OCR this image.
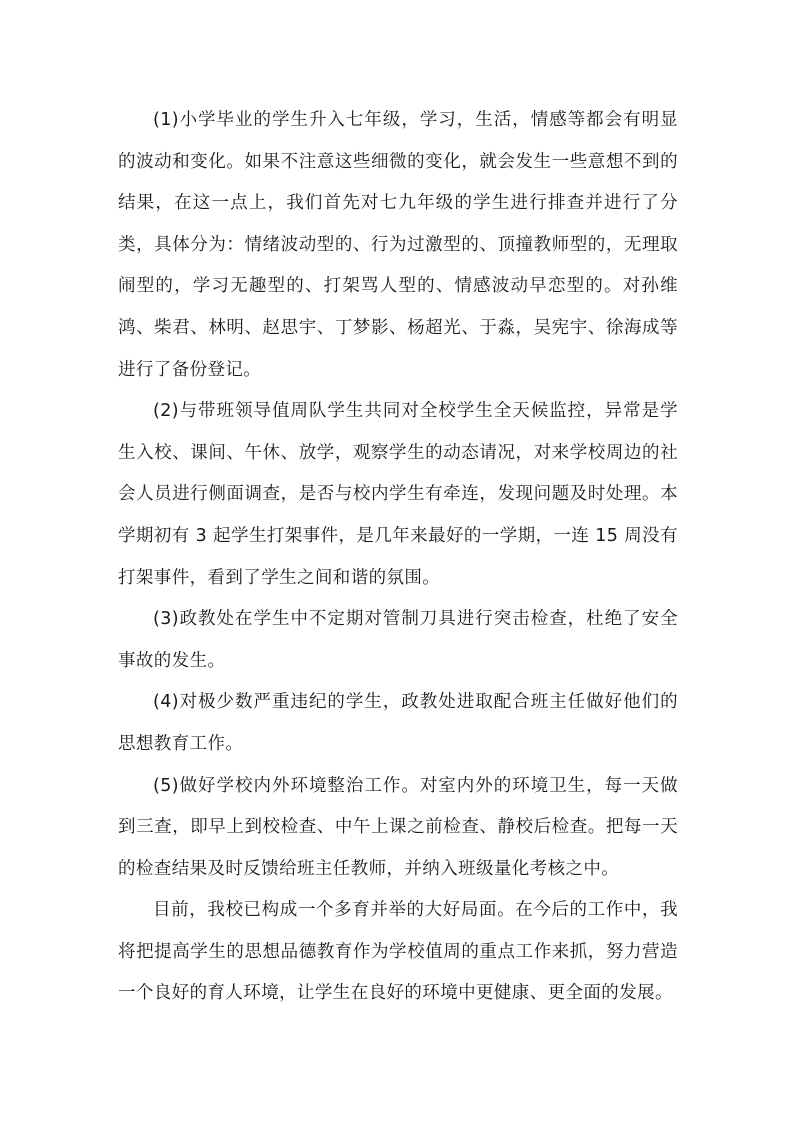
(1)小学毕业的学生升入七年级，学习，生活，情感等都会有明显的波动和变化。如果不注意这些细微的变化，就会发生一些意想不到的结果，在这一点上，我们首先对七九年级的学生进行排查并进行了分类，具体分为：情绪波动型的、行为过激型的、顶撞教师型的，无理取闹型的，学习无趣型的、打架骂人型的、情感波动早恋型的。对孙维鸿、柴君、林明、赵思宇、丁梦影、杨超光、于淼，吴宪宇、徐海成等进行了备份登记。

(2)与带班领导值周队学生共同对全校学生全天候监控，异常是学生入校、课间、午休、放学，观察学生的动态请况，对来学校周边的社会人员进行侧面调查，是否与校内学生有牵连，发现问题及时处理。本学期初有 3 起学生打架事件，是几年来最好的一学期，一连 15 周没有打架事件，看到了学生之间和谐的氛围。

(3)政教处在学生中不定期对管制刀具进行突击检查，杜绝了安全事故的发生。

(4)对极少数严重违纪的学生，政教处进取配合班主任做好他们的思想教育工作。

(5)做好学校内外环境整治工作。对室内外的环境卫生，每一天做到三查，即早上到校检查、中午上课之前检查、静校后检查。把每一天的检查结果及时反馈给班主任教师，并纳入班级量化考核之中。

目前，我校已构成一个多育并举的大好局面。在今后的工作中，我将把提高学生的思想品德教育作为学校值周的重点工作来抓，努力营造一个良好的育人环境，让学生在良好的环境中更健康、更全面的发展。
